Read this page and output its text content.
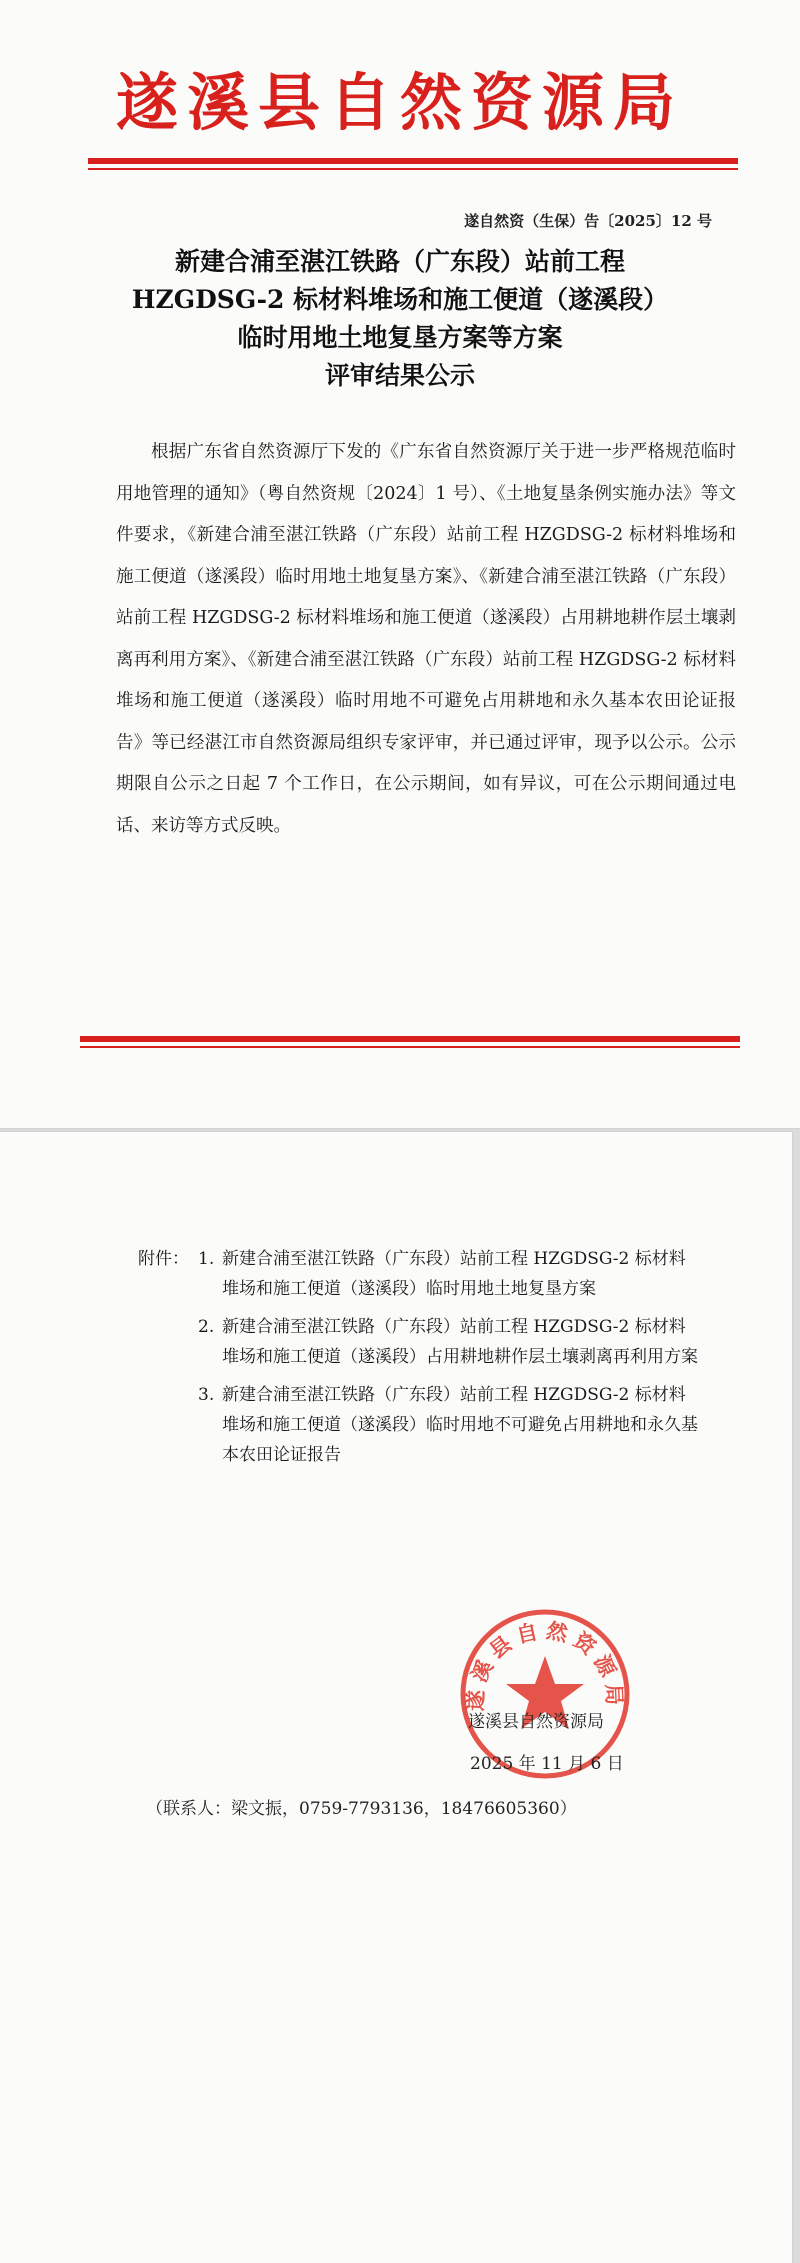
遂溪县自然资源局
遂自然资（生保）告〔2025〕12 号
新建合浦至湛江铁路（广东段）站前工程
HZGDSG-2 标材料堆场和施工便道（遂溪段）
临时用地土地复垦方案等方案
评审结果公示
根据广东省自然资源厅下发的《广东省自然资源厅关于进一步严格规范临时用地管理的通知》（粤自然资规〔2024〕1 号）、《土地复垦条例实施办法》等文件要求，《新建合浦至湛江铁路（广东段）站前工程 HZGDSG-2 标材料堆场和施工便道（遂溪段）临时用地土地复垦方案》、《新建合浦至湛江铁路（广东段）站前工程 HZGDSG-2 标材料堆场和施工便道（遂溪段）占用耕地耕作层土壤剥离再利用方案》、《新建合浦至湛江铁路（广东段）站前工程 HZGDSG-2 标材料堆场和施工便道（遂溪段）临时用地不可避免占用耕地和永久基本农田论证报告》等已经湛江市自然资源局组织专家评审，并已通过评审，现予以公示。公示期限自公示之日起 7 个工作日，在公示期间，如有异议，可在公示期间通过电话、来访等方式反映。
附件： 1. 新建合浦至湛江铁路（广东段）站前工程 HZGDSG-2 标材料堆场和施工便道（遂溪段）临时用地土地复垦方案
2. 新建合浦至湛江铁路（广东段）站前工程 HZGDSG-2 标材料堆场和施工便道（遂溪段）占用耕地耕作层土壤剥离再利用方案
3. 新建合浦至湛江铁路（广东段）站前工程 HZGDSG-2 标材料堆场和施工便道（遂溪段）临时用地不可避免占用耕地和永久基本农田论证报告
遂溪县自然资源局
遂溪县自然资源局
2025 年 11 月 6 日
（联系人：梁文振，0759-7793136，18476605360）
